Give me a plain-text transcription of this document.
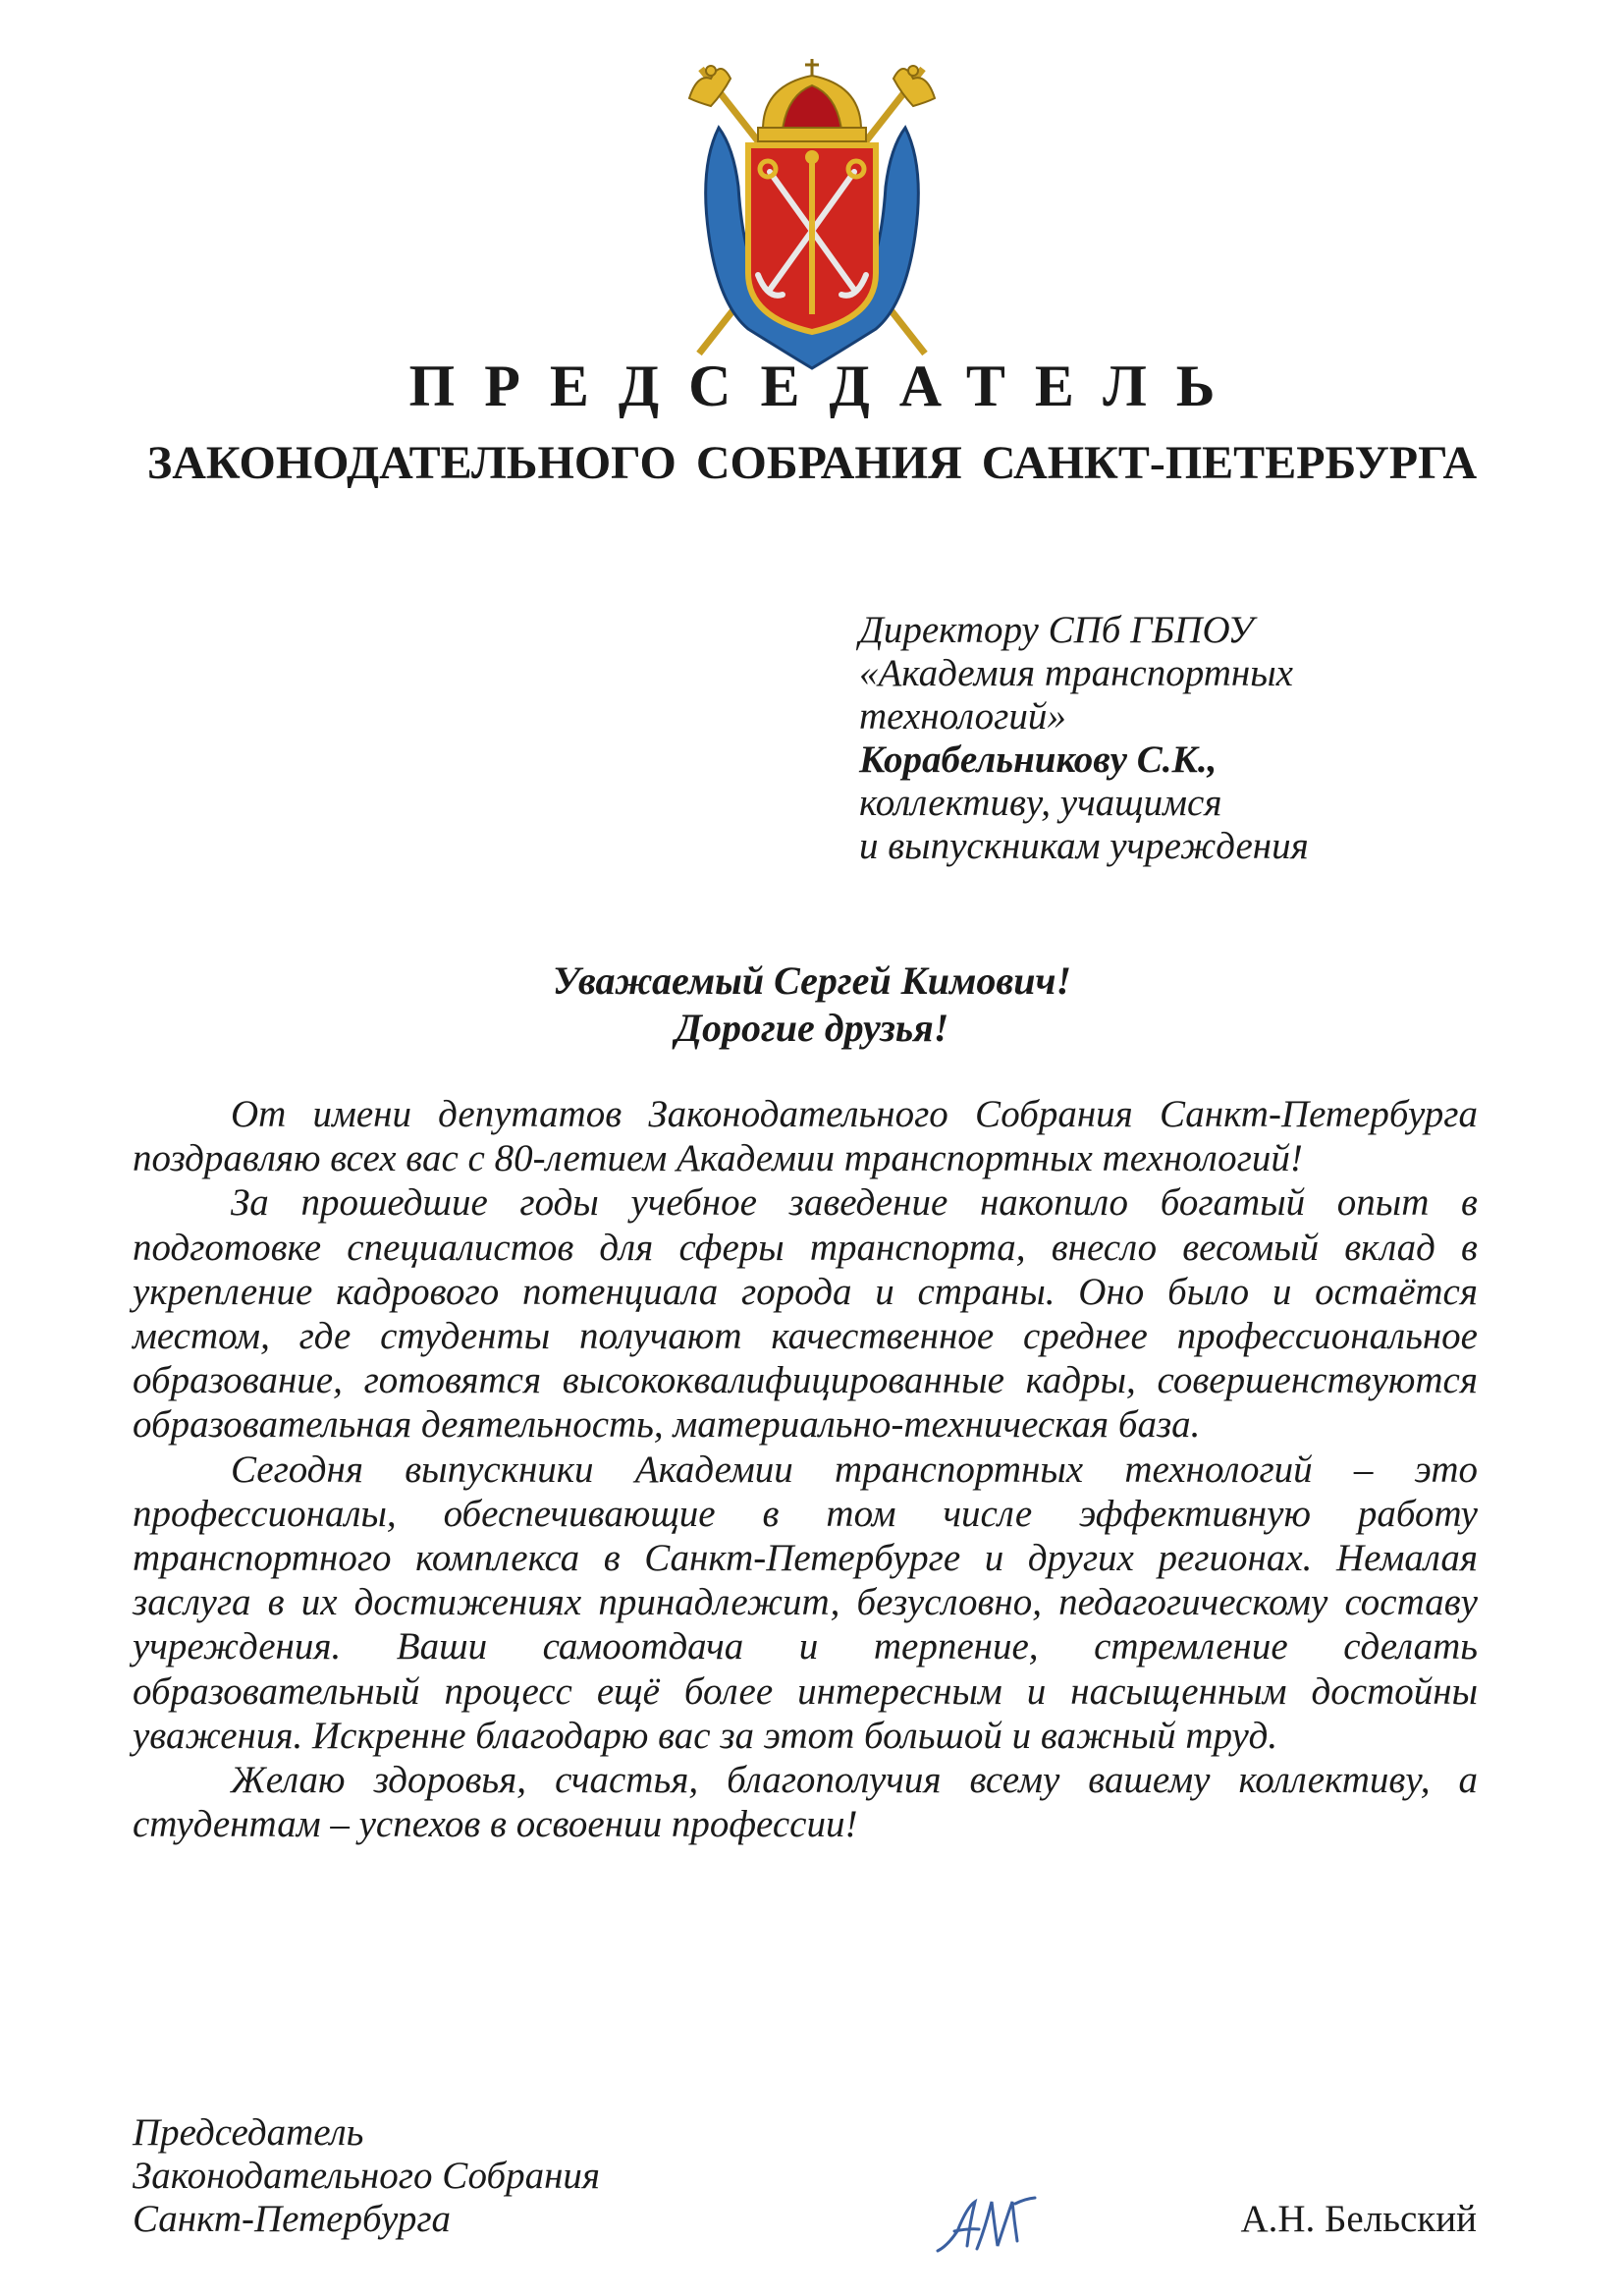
ПРЕДСЕДАТЕЛЬ
ЗАКОНОДАТЕЛЬНОГО СОБРАНИЯ САНКТ-ПЕТЕРБУРГА
Директору СПб ГБПОУ
«Академия транспортных
технологий»
Корабельникову С.К.,
коллективу, учащимся
и выпускникам учреждения
Уважаемый Сергей Кимович!
Дорогие друзья!

От имени депутатов Законодательного Собрания Санкт-Петербурга поздравляю всех вас с 80-летием Академии транспортных технологий!

За прошедшие годы учебное заведение накопило богатый опыт в подготовке специалистов для сферы транспорта, внесло весомый вклад в укрепление кадрового потенциала города и страны. Оно было и остаётся местом, где студенты получают качественное среднее профессиональное образование, готовятся высококвалифицированные кадры, совершенствуются образовательная деятельность, материально-техническая база.

Сегодня выпускники Академии транспортных технологий – это профессионалы, обеспечивающие в том числе эффективную работу транспортного комплекса в Санкт-Петербурге и других регионах. Немалая заслуга в их достижениях принадлежит, безусловно, педагогическому составу учреждения. Ваши самоотдача и терпение, стремление сделать образовательный процесс ещё более интересным и насыщенным достойны уважения. Искренне благодарю вас за этот большой и важный труд.

Желаю здоровья, счастья, благополучия всему вашему коллективу, а студентам – успехов в освоении профессии!

Председатель
Законодательного Собрания
Санкт-Петербурга	А.Н. Бельский
